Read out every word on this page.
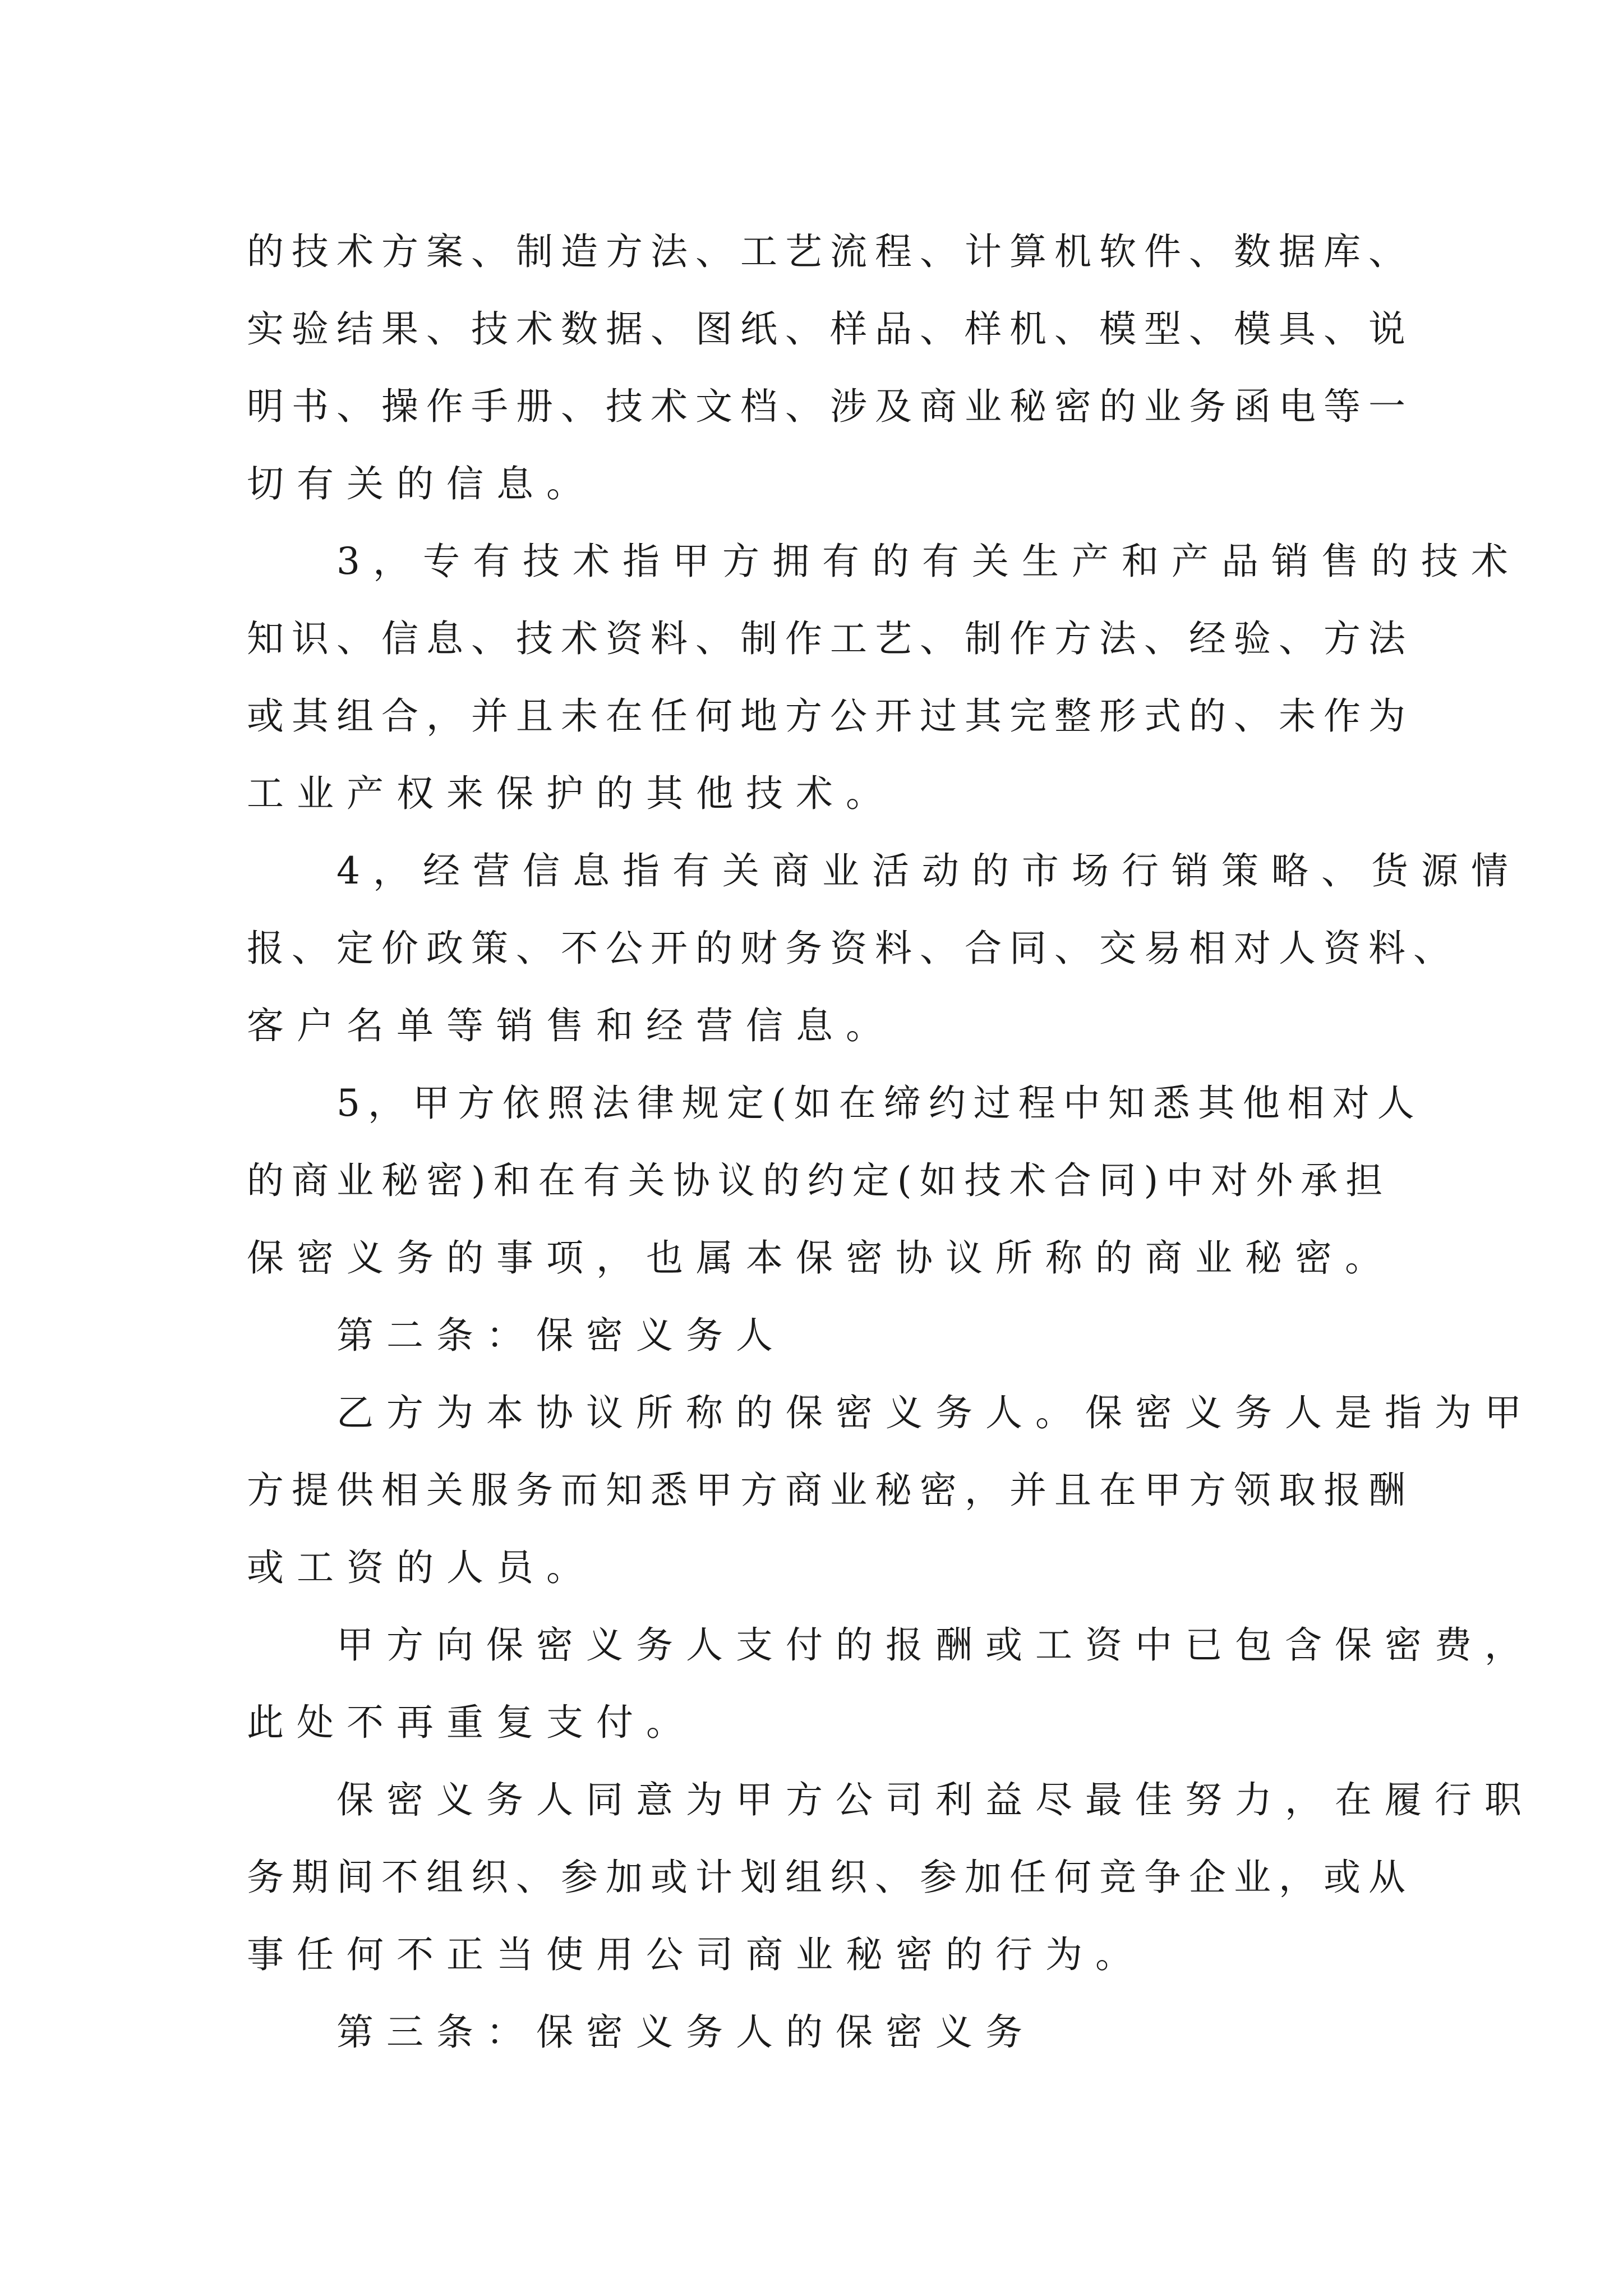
的技术方案、制造方法、工艺流程、计算机软件、数据库、
实验结果、技术数据、图纸、样品、样机、模型、模具、说
明书、操作手册、技术文档、涉及商业秘密的业务函电等一
切有关的信息。
3，专有技术指甲方拥有的有关生产和产品销售的技术
知识、信息、技术资料、制作工艺、制作方法、经验、方法
或其组合，并且未在任何地方公开过其完整形式的、未作为
工业产权来保护的其他技术。
4，经营信息指有关商业活动的市场行销策略、货源情
报、定价政策、不公开的财务资料、合同、交易相对人资料、
客户名单等销售和经营信息。
5，甲方依照法律规定(如在缔约过程中知悉其他相对人
的商业秘密)和在有关协议的约定(如技术合同)中对外承担
保密义务的事项，也属本保密协议所称的商业秘密。
第二条：保密义务人
乙方为本协议所称的保密义务人。保密义务人是指为甲
方提供相关服务而知悉甲方商业秘密，并且在甲方领取报酬
或工资的人员。
甲方向保密义务人支付的报酬或工资中已包含保密费，
此处不再重复支付。
保密义务人同意为甲方公司利益尽最佳努力，在履行职
务期间不组织、参加或计划组织、参加任何竞争企业，或从
事任何不正当使用公司商业秘密的行为。
第三条：保密义务人的保密义务
